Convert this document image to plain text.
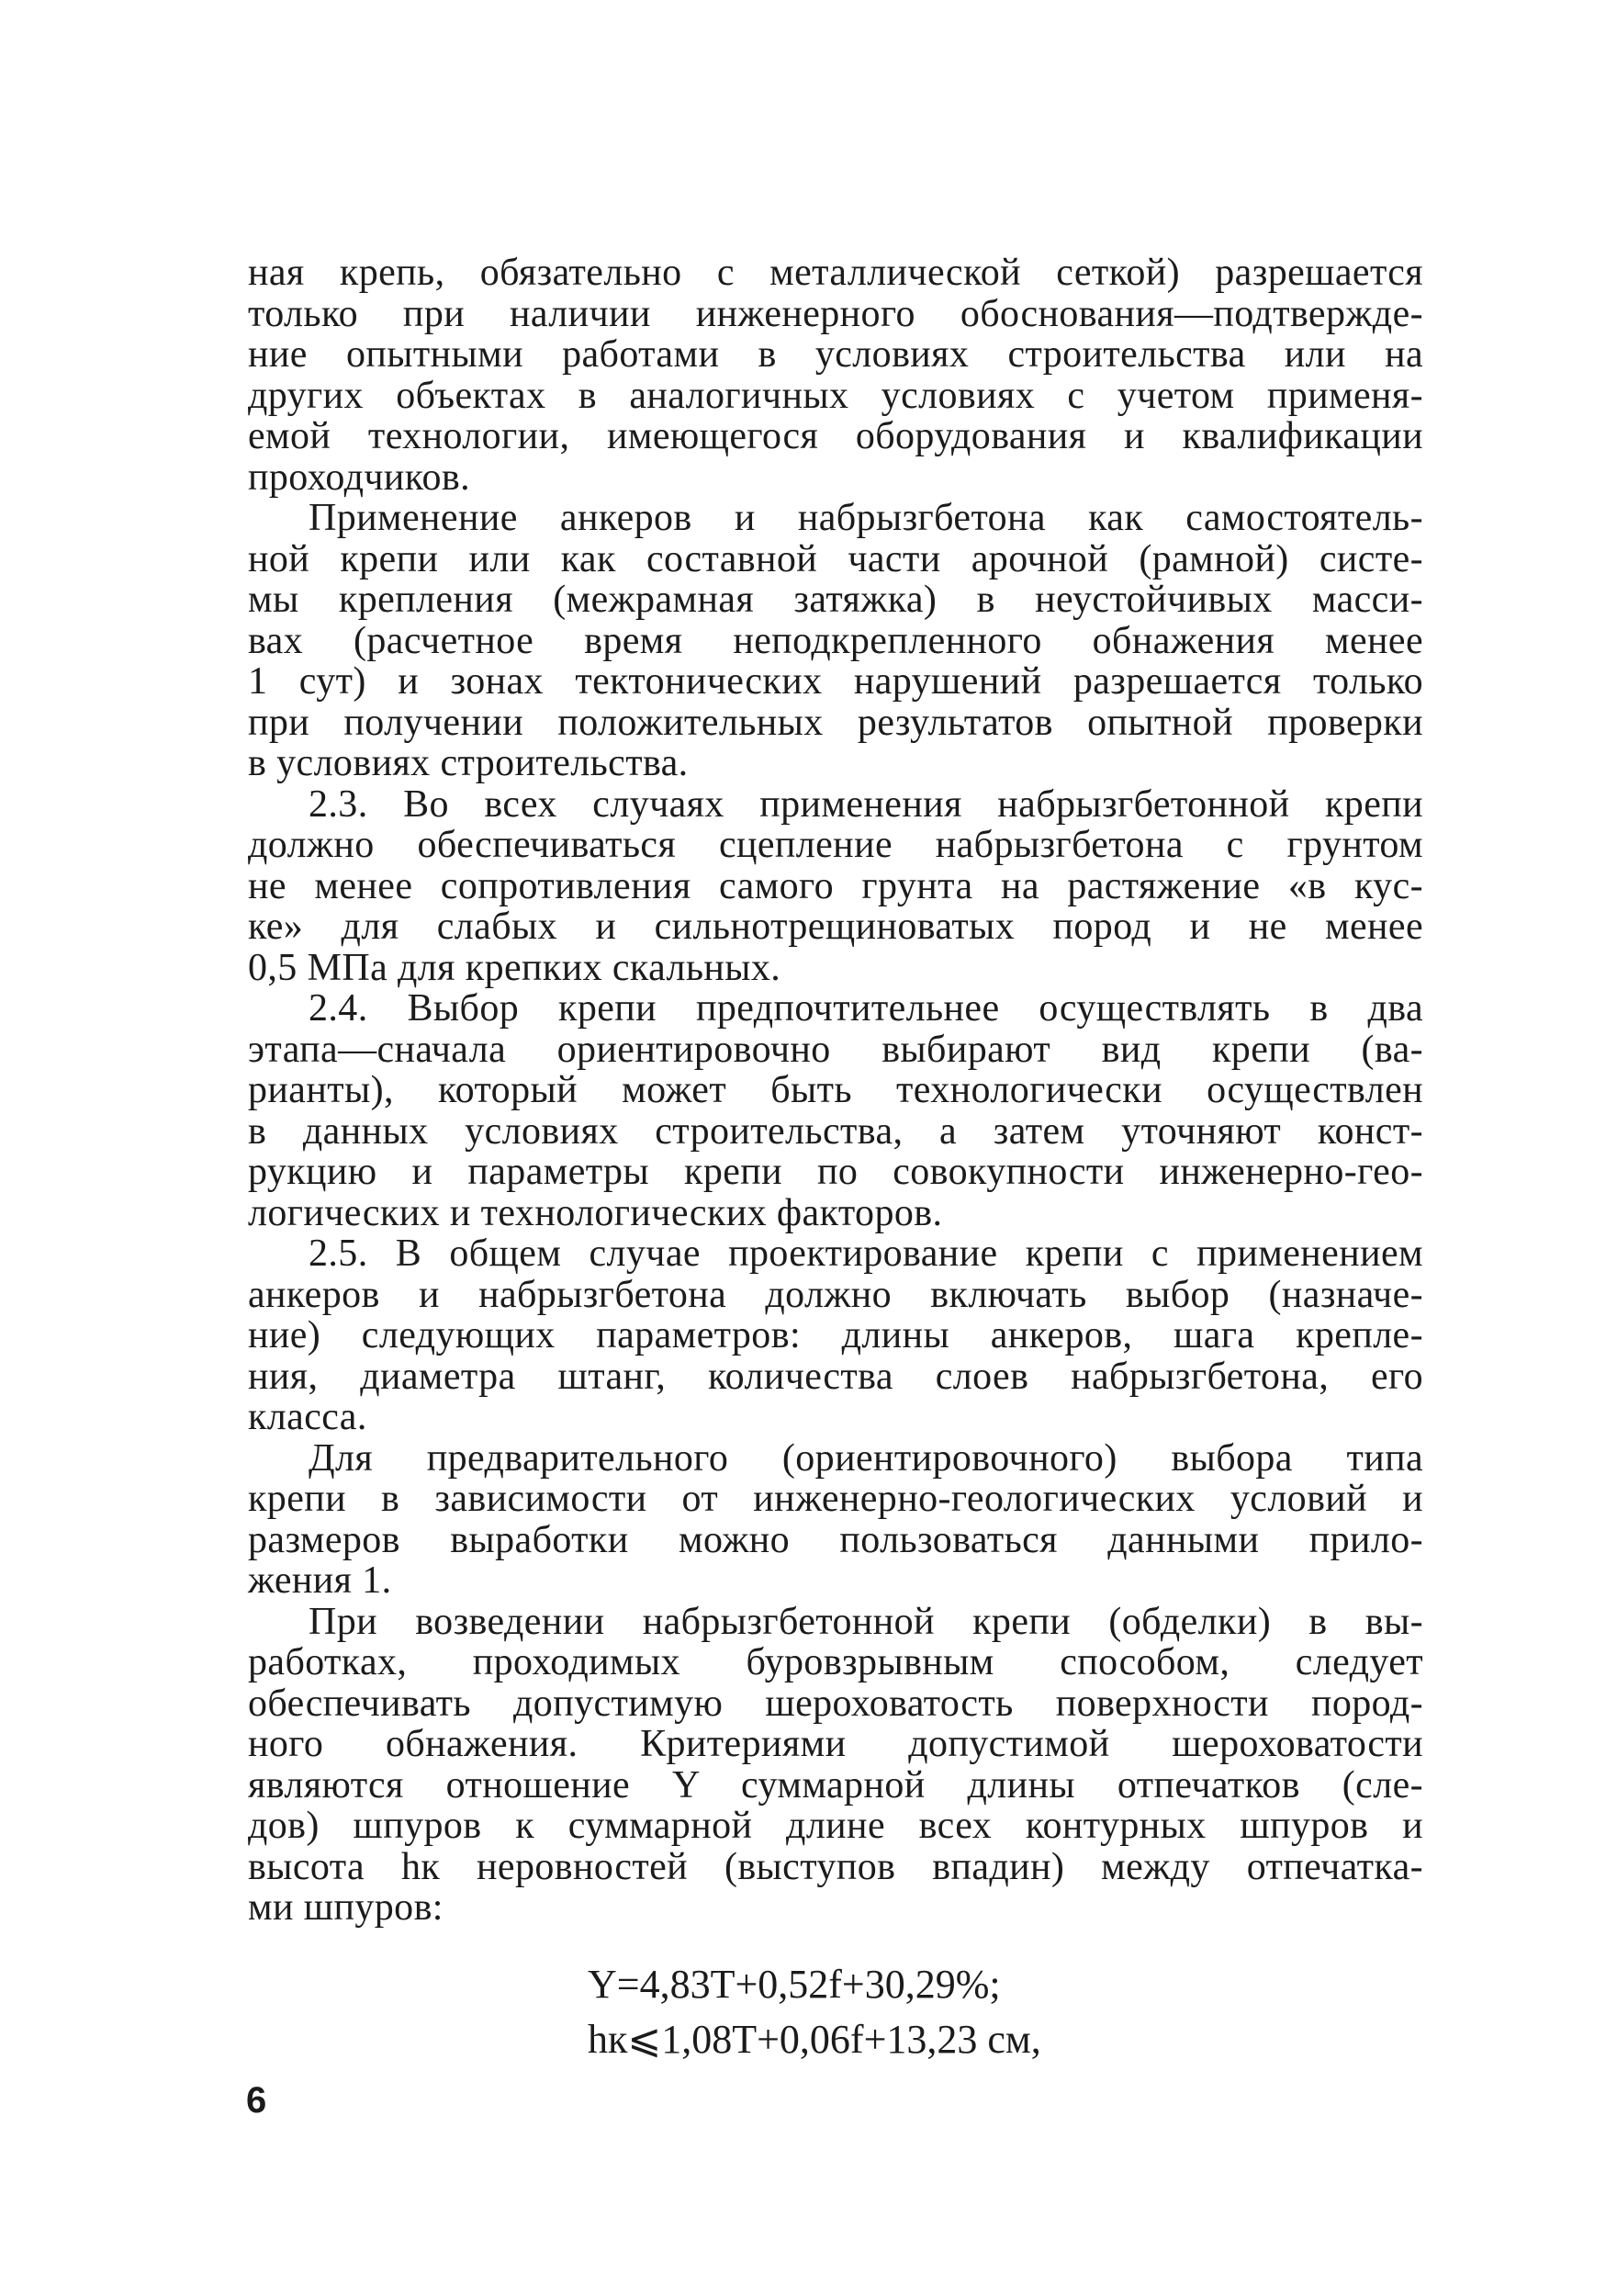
ная крепь, обязательно с металлической сеткой) разрешается
только при наличии инженерного обоснования—подтвержде-
ние опытными работами в условиях строительства или на
других объектах в аналогичных условиях с учетом применя-
емой технологии, имеющегося оборудования и квалификации
проходчиков.
Применение анкеров и набрызгбетона как самостоятель-
ной крепи или как составной части арочной (рамной) систе-
мы крепления (межрамная затяжка) в неустойчивых масси-
вах (расчетное время неподкрепленного обнажения менее
1 сут) и зонах тектонических нарушений разрешается только
при получении положительных результатов опытной проверки
в условиях строительства.
2.3. Во всех случаях применения набрызгбетонной крепи
должно обеспечиваться сцепление набрызгбетона с грунтом
не менее сопротивления самого грунта на растяжение «в кус-
ке» для слабых и сильнотрещиноватых пород и не менее
0,5 МПа для крепких скальных.
2.4. Выбор крепи предпочтительнее осуществлять в два
этапа—сначала ориентировочно выбирают вид крепи (ва-
рианты), который может быть технологически осуществлен
в данных условиях строительства, а затем уточняют конст-
рукцию и параметры крепи по совокупности инженерно-гео-
логических и технологических факторов.
2.5. В общем случае проектирование крепи с применением
анкеров и набрызгбетона должно включать выбор (назначе-
ние) следующих параметров: длины анкеров, шага крепле-
ния, диаметра штанг, количества слоев набрызгбетона, его
класса.
Для предварительного (ориентировочного) выбора типа
крепи в зависимости от инженерно-геологических условий и
размеров выработки можно пользоваться данными прило-
жения 1.
При возведении набрызгбетонной крепи (обделки) в вы-
работках, проходимых буровзрывным способом, следует
обеспечивать допустимую шероховатость поверхности пород-
ного обнажения. Критериями допустимой шероховатости
являются отношение Y суммарной длины отпечатков (сле-
дов) шпуров к суммарной длине всех контурных шпуров и
высота hк неровностей (выступов впадин) между отпечатка-
ми шпуров:
Y=4,83T+0,52f+30,29%;
hк⩽1,08T+0,06f+13,23 см,
6
